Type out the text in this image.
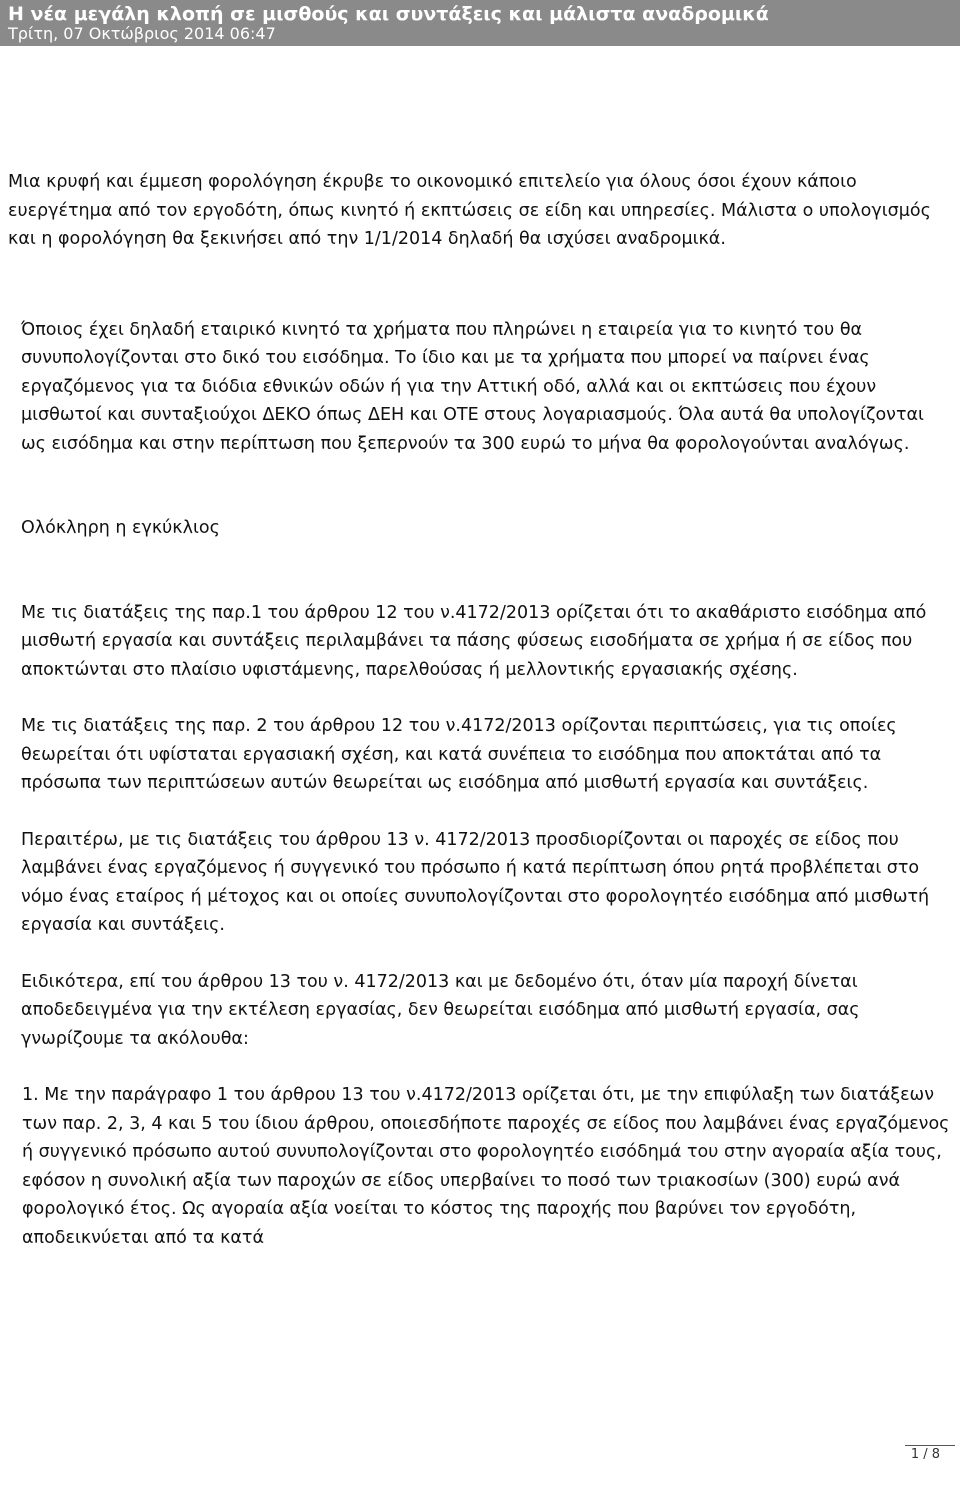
Η νέα μεγάλη κλοπή σε μισθούς και συντάξεις και μάλιστα αναδρομικά
Τρίτη, 07 Οκτώβριος 2014 06:47

Μια κρυφή και έμμεση φορολόγηση έκρυβε το οικονομικό επιτελείο για όλους όσοι έχουν κάποιο ευεργέτημα από τον εργοδότη, όπως κινητό ή εκπτώσεις σε είδη και υπηρεσίες. Μάλιστα ο υπολογισμός και η φορολόγηση θα ξεκινήσει από την 1/1/2014 δηλαδή θα ισχύσει αναδρομικά.

Όποιος έχει δηλαδή εταιρικό κινητό τα χρήματα που πληρώνει η εταιρεία για το κινητό του θα συνυπολογίζονται στο δικό του εισόδημα. Το ίδιο και με τα χρήματα που μπορεί να παίρνει ένας εργαζόμενος για τα διόδια εθνικών οδών ή για την Αττική οδό, αλλά και οι εκπτώσεις που έχουν μισθωτοί και συνταξιούχοι ΔΕΚΟ όπως ΔΕΗ και ΟΤΕ στους λογαριασμούς. Όλα αυτά θα υπολογίζονται ως εισόδημα και στην περίπτωση που ξεπερνούν τα 300 ευρώ το μήνα θα φορολογούνται αναλόγως.

Ολόκληρη η εγκύκλιος

Με τις διατάξεις της παρ.1 του άρθρου 12 του ν.4172/2013 ορίζεται ότι το ακαθάριστο εισόδημα από μισθωτή εργασία και συντάξεις περιλαμβάνει τα πάσης φύσεως εισοδήματα σε χρήμα ή σε είδος που αποκτώνται στο πλαίσιο υφιστάμενης, παρελθούσας ή μελλοντικής εργασιακής σχέσης.

Με τις διατάξεις της παρ. 2 του άρθρου 12 του ν.4172/2013 ορίζονται περιπτώσεις, για τις οποίες θεωρείται ότι υφίσταται εργασιακή σχέση, και κατά συνέπεια το εισόδημα που αποκτάται από τα πρόσωπα των περιπτώσεων αυτών θεωρείται ως εισόδημα από μισθωτή εργασία και συντάξεις.

Περαιτέρω, με τις διατάξεις του άρθρου 13 ν. 4172/2013 προσδιορίζονται οι παροχές σε είδος που λαμβάνει ένας εργαζόμενος ή συγγενικό του πρόσωπο ή κατά περίπτωση όπου ρητά προβλέπεται στο νόμο ένας εταίρος ή μέτοχος και οι οποίες συνυπολογίζονται στο φορολογητέο εισόδημα από μισθωτή εργασία και συντάξεις.

Ειδικότερα, επί του άρθρου 13 του ν. 4172/2013 και με δεδομένο ότι, όταν μία παροχή δίνεται αποδεδειγμένα για την εκτέλεση εργασίας, δεν θεωρείται εισόδημα από μισθωτή εργασία, σας γνωρίζουμε τα ακόλουθα:

1. Με την παράγραφο 1 του άρθρου 13 του ν.4172/2013 ορίζεται ότι, με την επιφύλαξη των διατάξεων των παρ. 2, 3, 4 και 5 του ίδιου άρθρου, οποιεσδήποτε παροχές σε είδος που λαμβάνει ένας εργαζόμενος ή συγγενικό πρόσωπο αυτού συνυπολογίζονται στο φορολογητέο εισόδημά του στην αγοραία αξία τους, εφόσον η συνολική αξία των παροχών σε είδος υπερβαίνει το ποσό των τριακοσίων (300) ευρώ ανά φορολογικό έτος. Ως αγοραία αξία νοείται το κόστος της παροχής που βαρύνει τον εργοδότη, αποδεικνύεται από τα κατά

1 / 8
